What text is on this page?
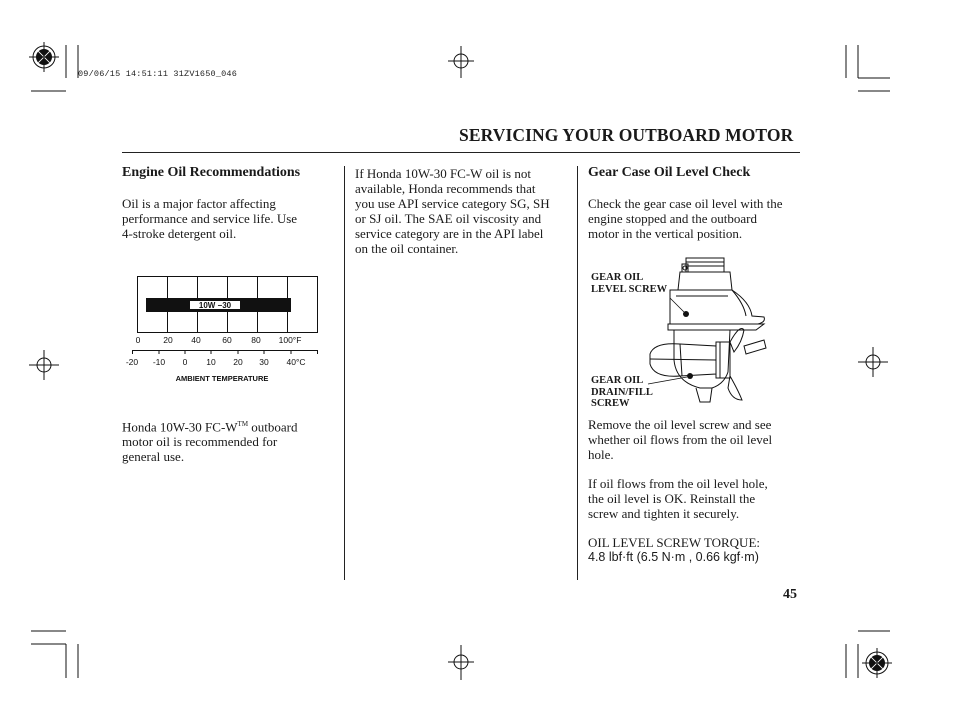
09/06/15 14:51:11 31ZV1650_046
SERVICING YOUR OUTBOARD MOTOR
Engine Oil Recommendations

Oil is a major factor affecting

performance and service life. Use

4-stroke detergent oil.

10W −30
0	20 40	60 80 100°F
-20 -10 0 10 20 30 40°C
AMBIENT TEMPERATURE

Honda 10W-30 FC-W™ outboard

motor oil is recommended for

general use.

If Honda 10W-30 FC-W oil is not

available, Honda recommends that

you use API service category SG, SH

or SJ oil. The SAE oil viscosity and

service category are in the API label

on the oil container.

Gear Case Oil Level Check

Check the gear case oil level with the

engine stopped and the outboard

motor in the vertical position.

GEAR OIL
LEVEL SCREW
GEAR OIL
DRAIN/FILL
SCREW

Remove the oil level screw and see

whether oil flows from the oil level

hole.

If oil flows from the oil level hole,

the oil level is OK. Reinstall the

screw and tighten it securely.

OIL LEVEL SCREW TORQUE:

4.8 lbf·ft (6.5 N·m , 0.66 kgf·m)

45
